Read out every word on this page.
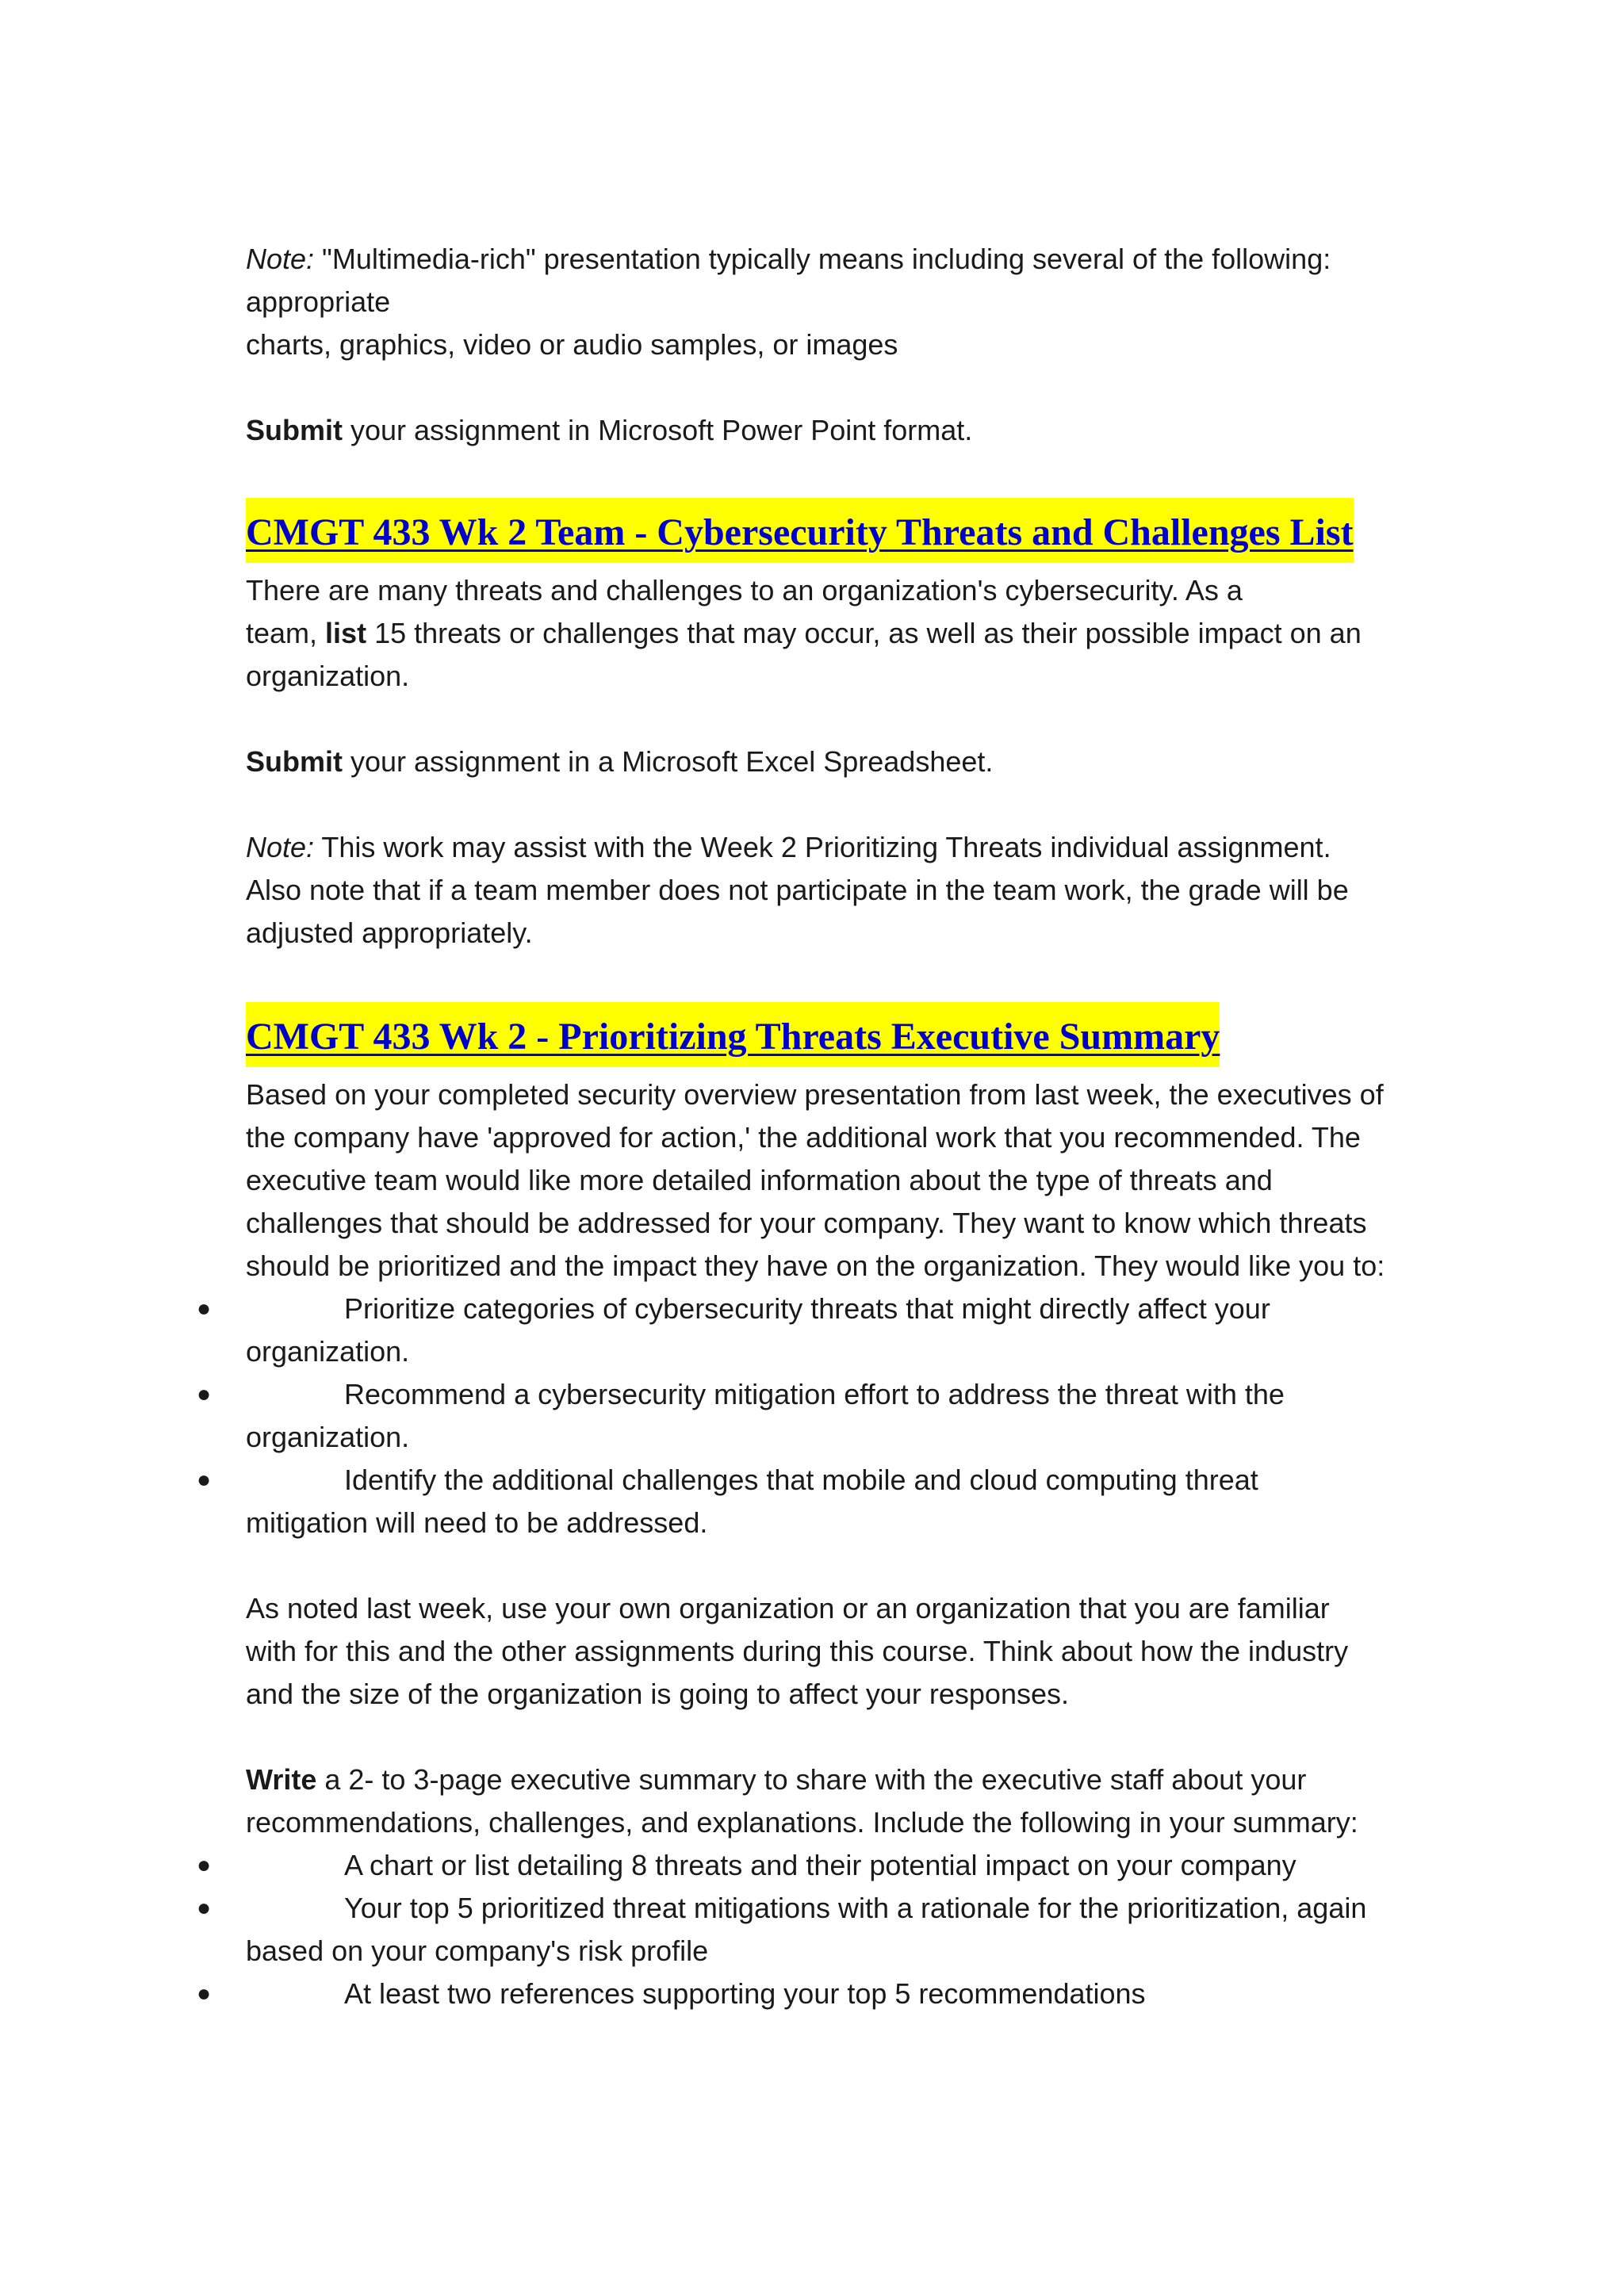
Note: "Multimedia-rich" presentation typically means including several of the following:

appropriate

charts, graphics, video or audio samples, or images

Submit your assignment in Microsoft Power Point format.

CMGT 433 Wk 2 Team - Cybersecurity Threats and Challenges List

There are many threats and challenges to an organization's cybersecurity. As a

team, list 15 threats or challenges that may occur, as well as their possible impact on an

organization.

Submit your assignment in a Microsoft Excel Spreadsheet.

Note: This work may assist with the Week 2 Prioritizing Threats individual assignment.

Also note that if a team member does not participate in the team work, the grade will be

adjusted appropriately.

CMGT 433 Wk 2 - Prioritizing Threats Executive Summary

Based on your completed security overview presentation from last week, the executives of

the company have 'approved for action,' the additional work that you recommended. The

executive team would like more detailed information about the type of threats and

challenges that should be addressed for your company. They want to know which threats

should be prioritized and the impact they have on the organization. They would like you to:

●	Prioritize categories of cybersecurity threats that might directly affect your

organization.

●	Recommend a cybersecurity mitigation effort to address the threat with the

organization.

●	Identify the additional challenges that mobile and cloud computing threat

mitigation will need to be addressed.

As noted last week, use your own organization or an organization that you are familiar

with for this and the other assignments during this course. Think about how the industry

and the size of the organization is going to affect your responses.

Write a 2- to 3-page executive summary to share with the executive staff about your

recommendations, challenges, and explanations. Include the following in your summary:

●	A chart or list detailing 8 threats and their potential impact on your company
●	Your top 5 prioritized threat mitigations with a rationale for the prioritization, again

based on your company's risk profile

●	At least two references supporting your top 5 recommendations
